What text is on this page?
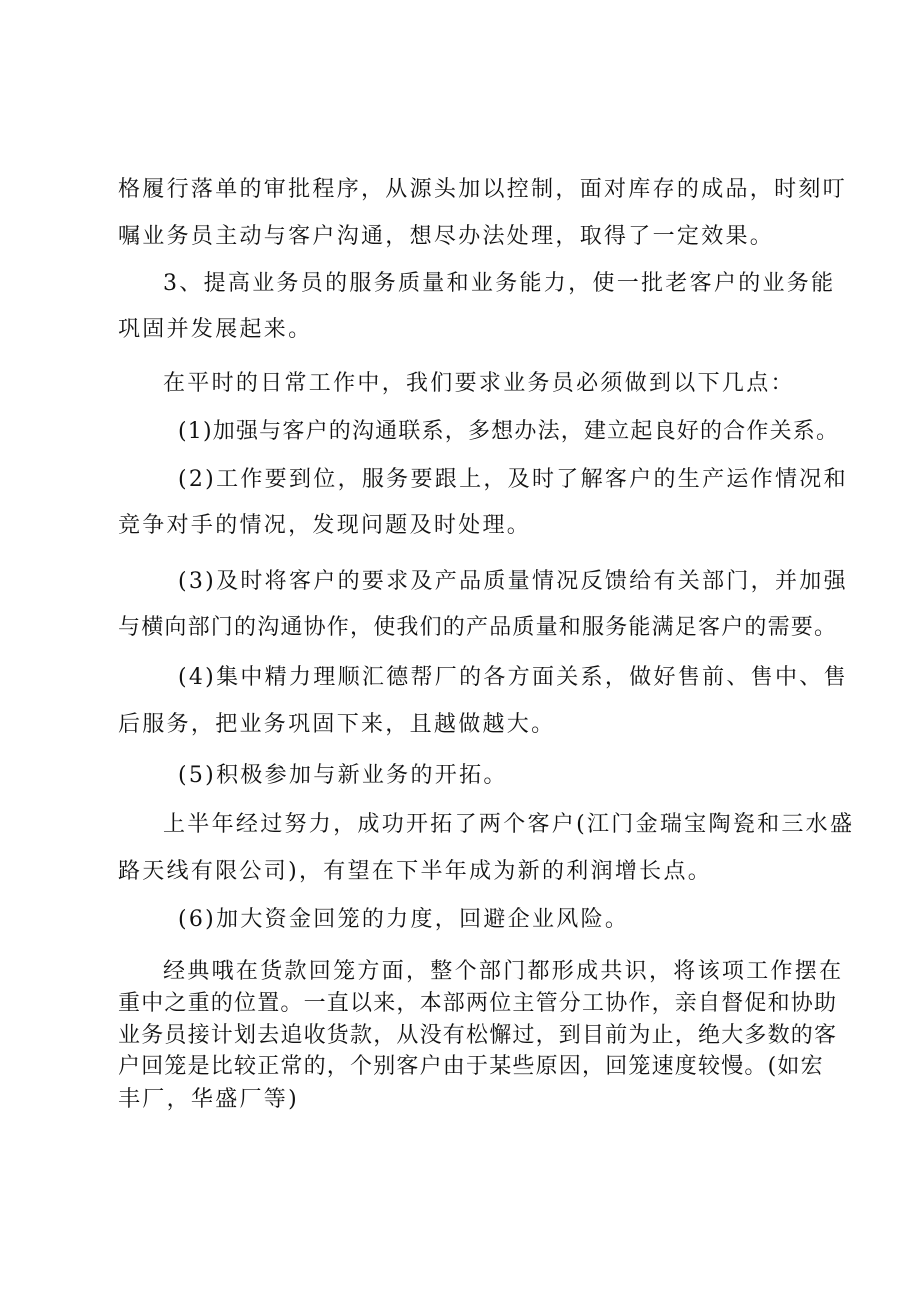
格履行落单的审批程序，从源头加以控制，面对库存的成品，时刻叮
嘱业务员主动与客户沟通，想尽办法处理，取得了一定效果。
3、提高业务员的服务质量和业务能力，使一批老客户的业务能
巩固并发展起来。
在平时的日常工作中，我们要求业务员必须做到以下几点：
(1)加强与客户的沟通联系，多想办法，建立起良好的合作关系。
(2)工作要到位，服务要跟上，及时了解客户的生产运作情况和
竞争对手的情况，发现问题及时处理。
(3)及时将客户的要求及产品质量情况反馈给有关部门，并加强
与横向部门的沟通协作，使我们的产品质量和服务能满足客户的需要。
(4)集中精力理顺汇德帮厂的各方面关系，做好售前、售中、售
后服务，把业务巩固下来，且越做越大。
(5)积极参加与新业务的开拓。
上半年经过努力，成功开拓了两个客户(江门金瑞宝陶瓷和三水盛
路天线有限公司)，有望在下半年成为新的利润增长点。
(6)加大资金回笼的力度，回避企业风险。
经典哦在货款回笼方面，整个部门都形成共识，将该项工作摆在
重中之重的位置。一直以来，本部两位主管分工协作，亲自督促和协助
业务员接计划去追收货款，从没有松懈过，到目前为止，绝大多数的客
户回笼是比较正常的，个别客户由于某些原因，回笼速度较慢。(如宏
丰厂，华盛厂等)
